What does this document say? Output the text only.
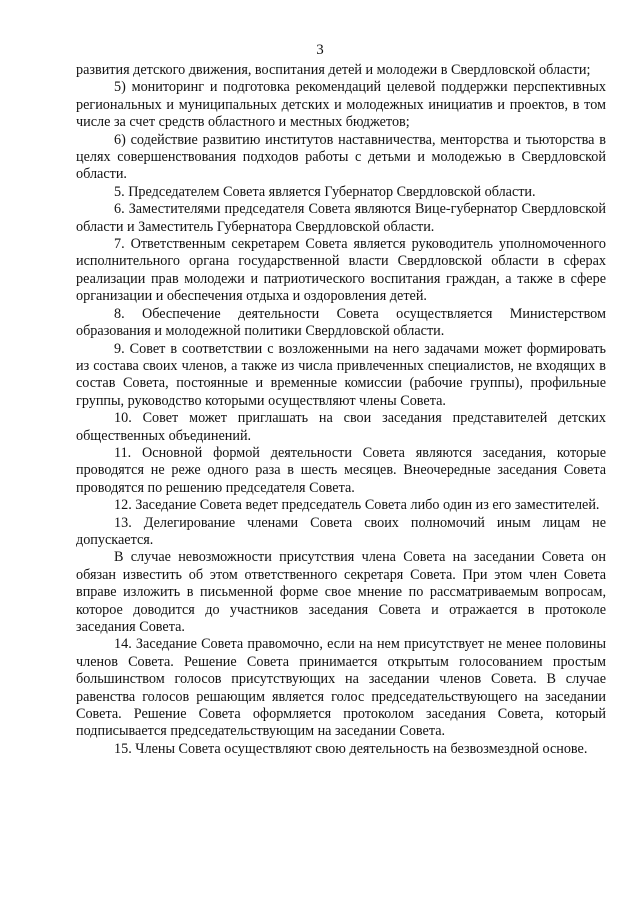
3

развития детского движения, воспитания детей и молодежи в Свердловской области;

5) мониторинг и подготовка рекомендаций целевой поддержки перспективных региональных и муниципальных детских и молодежных инициатив и проектов, в том числе за счет средств областного и местных бюджетов;

6) содействие развитию институтов наставничества, менторства и тьюторства в целях совершенствования подходов работы с детьми и молодежью в Свердловской области.

5. Председателем Совета является Губернатор Свердловской области.

6. Заместителями председателя Совета являются Вице-губернатор Свердловской области и Заместитель Губернатора Свердловской области.

7. Ответственным секретарем Совета является руководитель уполномоченного исполнительного органа государственной власти Свердловской области в сферах реализации прав молодежи и патриотического воспитания граждан, а также в сфере организации и обеспечения отдыха и оздоровления детей.

8. Обеспечение деятельности Совета осуществляется Министерством образования и молодежной политики Свердловской области.

9. Совет в соответствии с возложенными на него задачами может формировать из состава своих членов, а также из числа привлеченных специалистов, не входящих в состав Совета, постоянные и временные комиссии (рабочие группы), профильные группы, руководство которыми осуществляют члены Совета.

10. Совет может приглашать на свои заседания представителей детских общественных объединений.

11. Основной формой деятельности Совета являются заседания, которые проводятся не реже одного раза в шесть месяцев. Внеочередные заседания Совета проводятся по решению председателя Совета.

12. Заседание Совета ведет председатель Совета либо один из его заместителей.

13. Делегирование членами Совета своих полномочий иным лицам не допускается.

В случае невозможности присутствия члена Совета на заседании Совета он обязан известить об этом ответственного секретаря Совета. При этом член Совета вправе изложить в письменной форме свое мнение по рассматриваемым вопросам, которое доводится до участников заседания Совета и отражается в протоколе заседания Совета.

14. Заседание Совета правомочно, если на нем присутствует не менее половины членов Совета. Решение Совета принимается открытым голосованием простым большинством голосов присутствующих на заседании членов Совета. В случае равенства голосов решающим является голос председательствующего на заседании Совета. Решение Совета оформляется протоколом заседания Совета, который подписывается председательствующим на заседании Совета.

15. Члены Совета осуществляют свою деятельность на безвозмездной основе.
